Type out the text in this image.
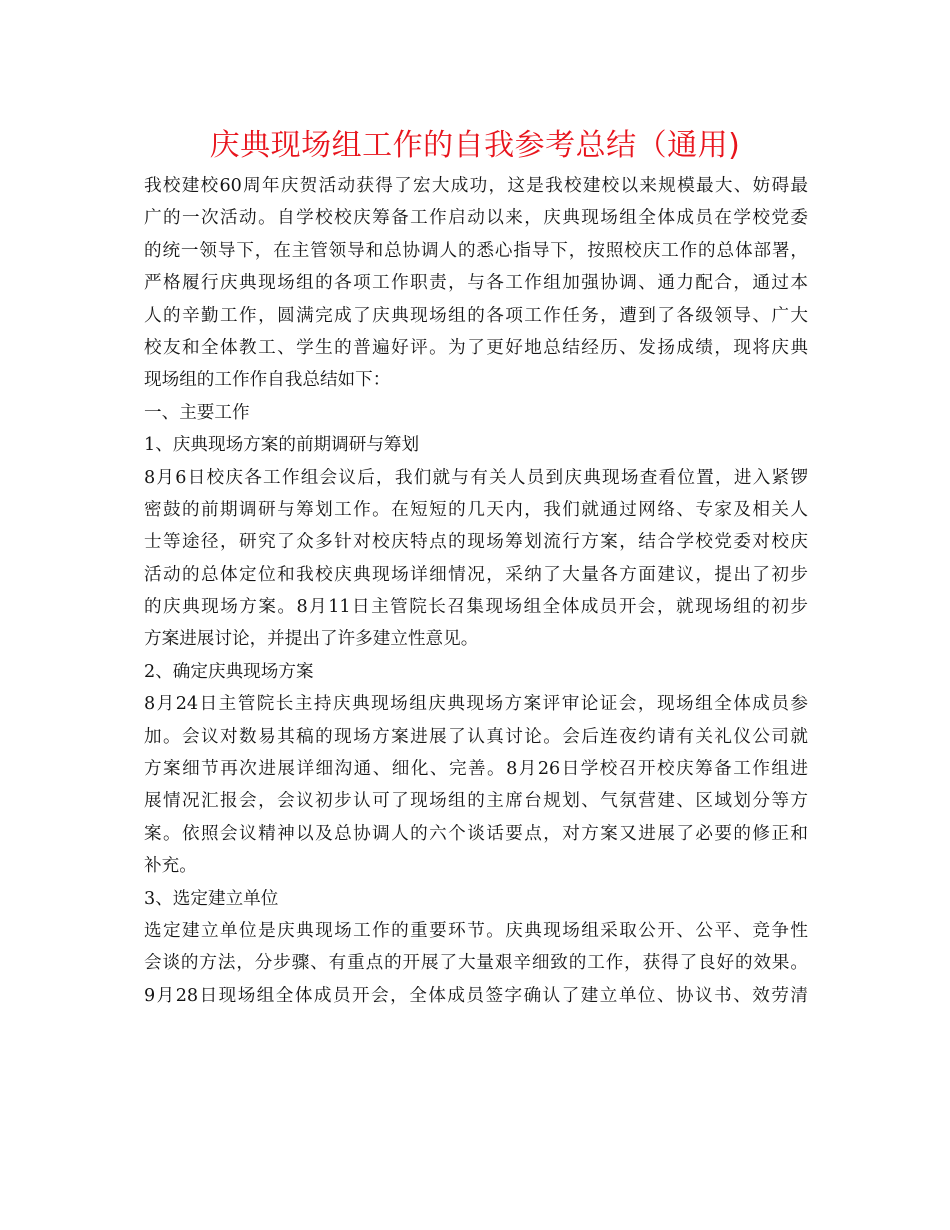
庆典现场组工作的自我参考总结（通用)
我校建校60周年庆贺活动获得了宏大成功，这是我校建校以来规模最大、妨碍最
广的一次活动。自学校校庆筹备工作启动以来，庆典现场组全体成员在学校党委
的统一领导下，在主管领导和总协调人的悉心指导下，按照校庆工作的总体部署，
严格履行庆典现场组的各项工作职责，与各工作组加强协调、通力配合，通过本
人的辛勤工作，圆满完成了庆典现场组的各项工作任务，遭到了各级领导、广大
校友和全体教工、学生的普遍好评。为了更好地总结经历、发扬成绩，现将庆典
现场组的工作作自我总结如下：
一、主要工作
1、庆典现场方案的前期调研与筹划
8月6日校庆各工作组会议后，我们就与有关人员到庆典现场查看位置，进入紧锣
密鼓的前期调研与筹划工作。在短短的几天内，我们就通过网络、专家及相关人
士等途径，研究了众多针对校庆特点的现场筹划流行方案，结合学校党委对校庆
活动的总体定位和我校庆典现场详细情况，采纳了大量各方面建议，提出了初步
的庆典现场方案。8月11日主管院长召集现场组全体成员开会，就现场组的初步
方案进展讨论，并提出了许多建立性意见。
2、确定庆典现场方案
8月24日主管院长主持庆典现场组庆典现场方案评审论证会，现场组全体成员参
加。会议对数易其稿的现场方案进展了认真讨论。会后连夜约请有关礼仪公司就
方案细节再次进展详细沟通、细化、完善。8月26日学校召开校庆筹备工作组进
展情况汇报会，会议初步认可了现场组的主席台规划、气氛营建、区域划分等方
案。依照会议精神以及总协调人的六个谈话要点，对方案又进展了必要的修正和
补充。
3、选定建立单位
选定建立单位是庆典现场工作的重要环节。庆典现场组采取公开、公平、竞争性
会谈的方法，分步骤、有重点的开展了大量艰辛细致的工作，获得了良好的效果。
9月28日现场组全体成员开会，全体成员签字确认了建立单位、协议书、效劳清
